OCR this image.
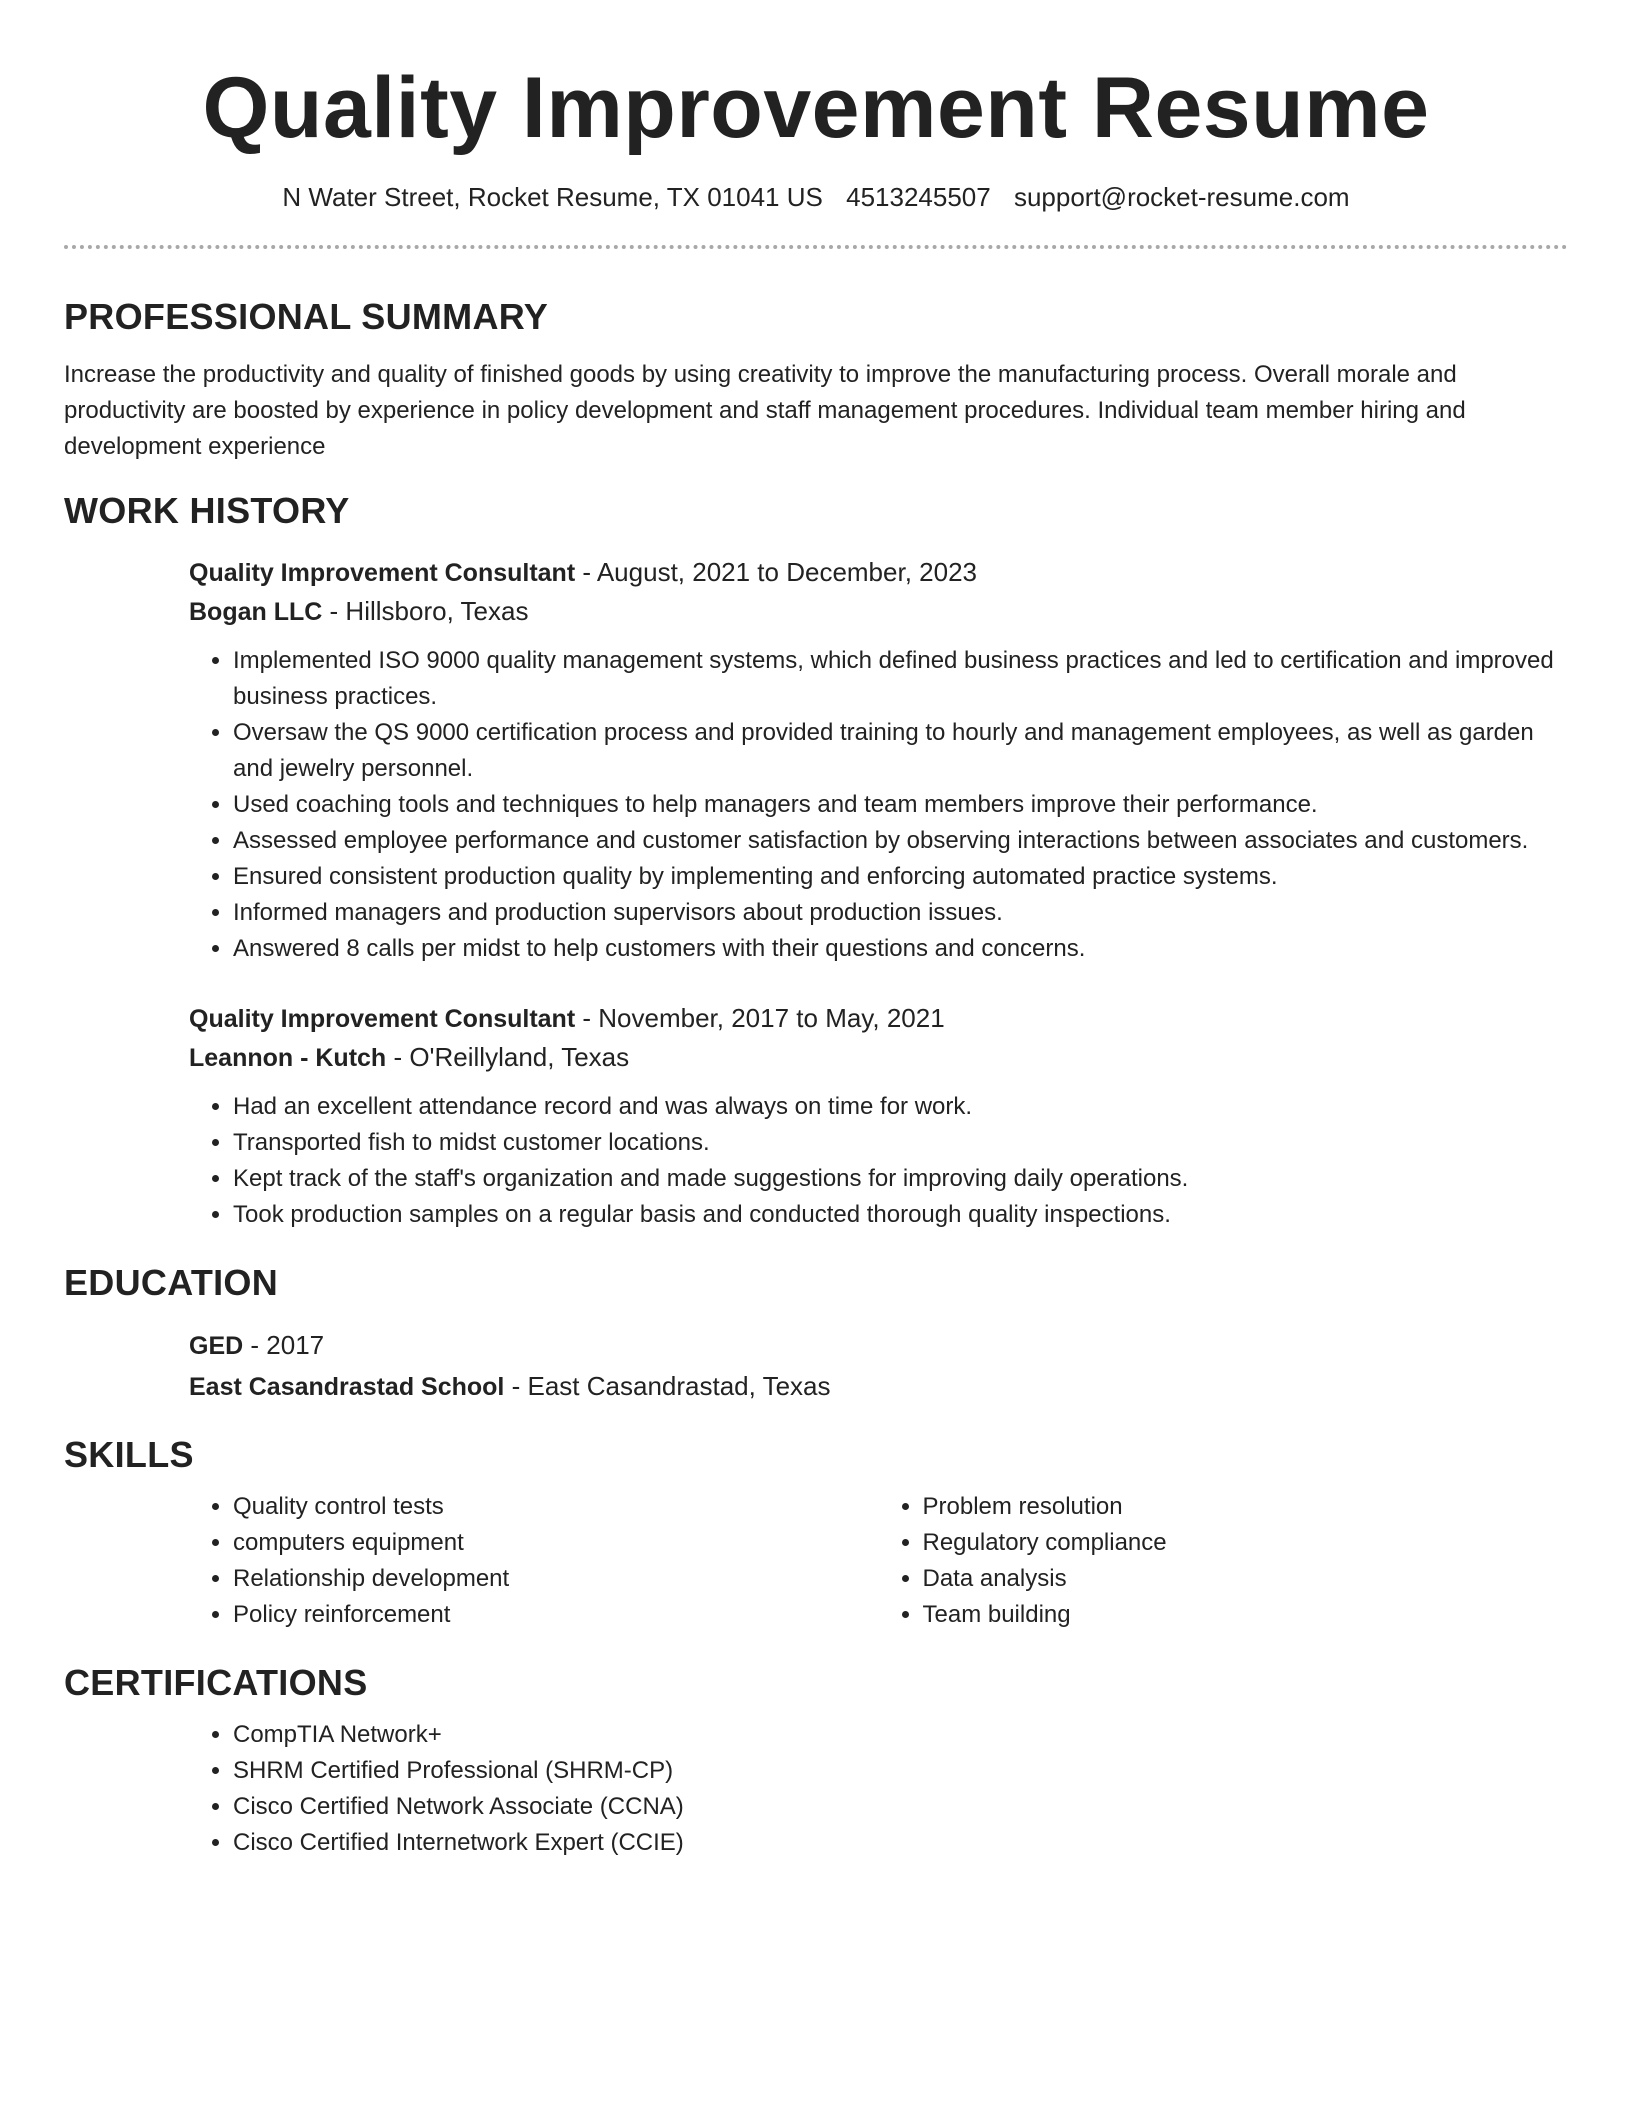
Quality Improvement Resume
N Water Street, Rocket Resume, TX 01041 US 4513245507 support@rocket-resume.com
PROFESSIONAL SUMMARY

Increase the productivity and quality of finished goods by using creativity to improve the manufacturing process. Overall morale and productivity are boosted by experience in policy development and staff management procedures. Individual team member hiring and development experience

WORK HISTORY

Quality Improvement Consultant - August, 2021 to December, 2023

Bogan LLC - Hillsboro, Texas

• Implemented ISO 9000 quality management systems, which defined business practices and led to certification and improved business practices.
• Oversaw the QS 9000 certification process and provided training to hourly and management employees, as well as garden and jewelry personnel.
• Used coaching tools and techniques to help managers and team members improve their performance.
• Assessed employee performance and customer satisfaction by observing interactions between associates and customers.
• Ensured consistent production quality by implementing and enforcing automated practice systems.
• Informed managers and production supervisors about production issues.
• Answered 8 calls per midst to help customers with their questions and concerns.

Quality Improvement Consultant - November, 2017 to May, 2021

Leannon - Kutch - O'Reillyland, Texas

• Had an excellent attendance record and was always on time for work.
• Transported fish to midst customer locations.
• Kept track of the staff's organization and made suggestions for improving daily operations.
• Took production samples on a regular basis and conducted thorough quality inspections.
EDUCATION

GED - 2017

East Casandrastad School - East Casandrastad, Texas

SKILLS
• Quality control tests
• computers equipment
• Relationship development
• Policy reinforcement
• Problem resolution
• Regulatory compliance
• Data analysis
• Team building
CERTIFICATIONS
• CompTIA Network+
• SHRM Certified Professional (SHRM-CP)
• Cisco Certified Network Associate (CCNA)
• Cisco Certified Internetwork Expert (CCIE)
